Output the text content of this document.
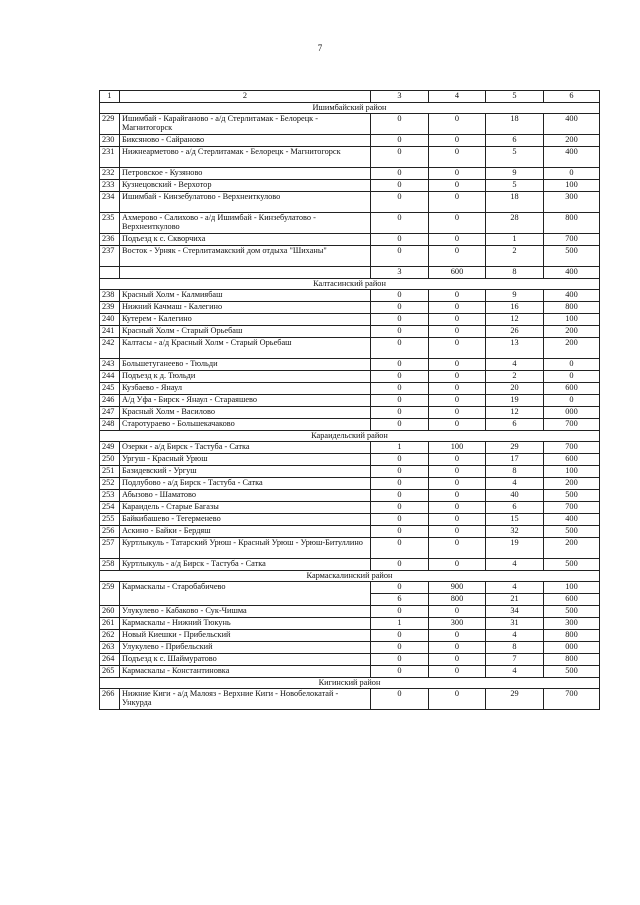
7
1	2	3	4	5	6
Ишимбайский район					
229	Ишимбай - Карайганово - а/д Стерлитамак - Белорецк - Магнитогорск	0	0	18	400
230	Биксяново - Сайраново	0	0	6	200
231	Нижнеарметово - а/д Стерлитамак - Белорецк - Магнитогорск	0	0	5	400
232	Петровское - Кузяново	0	0	9	0
233	Кузнецовский - Верхотор	0	0	5	100
234	Ишимбай - Кинзебулатово - Верхнеиткулово	0	0	18	300
235	Ахмерово - Салихово - а/д Ишимбай - Кинзебулатово - Верхнеиткулово	0	0	28	800
236	Подъезд к с. Скворчиха	0	0	1	700
237	Восток - Урняк - Стерлитамакский дом отдыха "Шиханы"	0	0	2	500
		3	600	8	400
Калтасинский район					
238	Красный Холм - Калмиябаш	0	0	9	400
239	Нижний Качмаш - Калегино	0	0	16	800
240	Кутерем - Калегино	0	0	12	100
241	Красный Холм - Старый Орьебаш	0	0	26	200
242	Калтасы - а/д Красный Холм - Старый Орьебаш	0	0	13	200
243	Большетуганеево - Тюльди	0	0	4	0
244	Подъезд к д. Тюльди	0	0	2	0
245	Кузбаево - Янаул	0	0	20	600
246	А/д Уфа - Бирск - Янаул - Стараяшево	0	0	19	0
247	Красный Холм - Василово	0	0	12	000
248	Старотураево - Большекачаково	0	0	6	700
Караидельский район					
249	Озерки - а/д Бирск - Тастуба - Сатка	1	100	29	700
250	Ургуш - Красный Урюш	0	0	17	600
251	Базидевский - Ургуш	0	0	8	100
252	Подлубово - а/д Бирск - Тастуба - Сатка	0	0	4	200
253	Абызово - Шаматово	0	0	40	500
254	Караидель - Старые Багазы	0	0	6	700
255	Байкибашево - Тегерменево	0	0	15	400
256	Аскино - Байки - Бердяш	0	0	32	500
257	Куртлыкуль - Татарский Урюш - Красный Урюш - Урюш-Битуллино	0	0	19	200
258	Куртлыкуль - а/д Бирск - Тастуба - Сатка	0	0	4	500
Кармаскалинский район					
259	Кармаскалы - Старобабичево	0	900	4	100
		6	800	21	600
260	Улукулево - Кабаково - Сук-Чишма	0	0	34	500
261	Кармаскалы - Нижний Тюкунь	1	300	31	300
262	Новый Киешки - Прибельский	0	0	4	800
263	Улукулево - Прибельский	0	0	8	000
264	Подъезд к с. Шаймуратово	0	0	7	800
265	Кармаскалы - Константиновка	0	0	4	500
Кигинский район					
266	Нижние Киги - а/д Малояз - Верхние Киги - Новобелокатай - Ункурда	0	0	29	700
